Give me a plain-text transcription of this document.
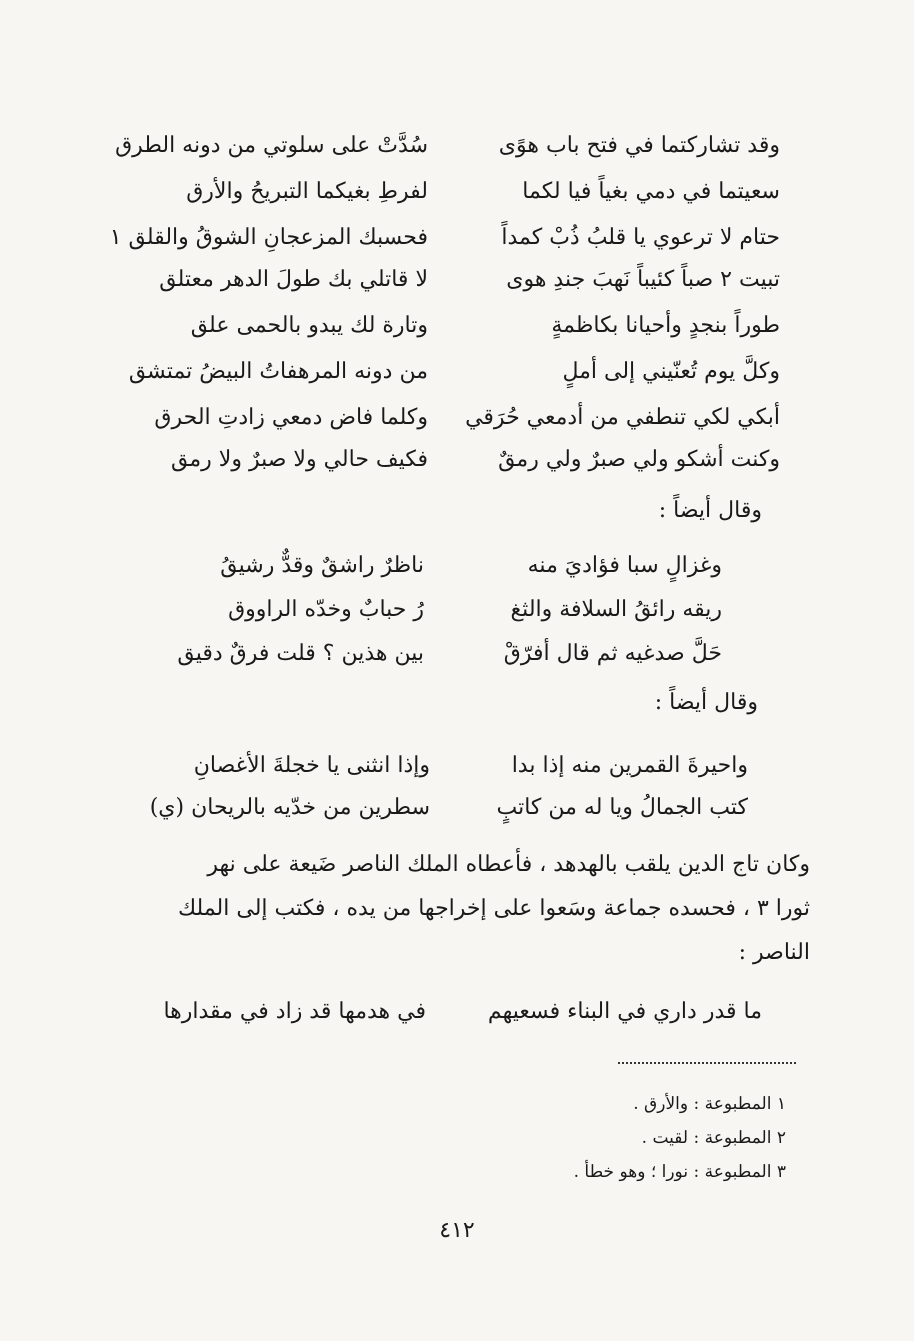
وقد تشاركتما في فتح باب هوًى
سُدَّتْ على سلوتي من دونه الطرق
سعيتما في دمي بغياً فيا لكما
لفرطِ بغيكما التبريحُ والأرق
حتام لا ترعوي يا قلبُ ذُبْ كمداً
فحسبك المزعجانِ الشوقُ والقلق ١
تبيت ٢ صباً كئيباً نَهبَ جندِ هوى
لا قاتلي بك طولَ الدهر معتلق
طوراً بنجدٍ وأحيانا بكاظمةٍ
وتارة لك يبدو بالحمى علق
وكلَّ يوم تُعنّيني إلى أملٍ
من دونه المرهفاتُ البيضُ تمتشق
أبكي لكي تنطفي من أدمعي حُرَقي
وكلما فاض دمعي زادتِ الحرق
وكنت أشكو ولي صبرٌ ولي رمقٌ
فكيف حالي ولا صبرٌ ولا رمق
وقال أيضاً :
وغزالٍ سبا فؤاديَ منه
ناظرٌ راشقٌ وقدٌّ رشيقُ
ريقه رائقُ السلافة والثغ
رُ حبابٌ وخدّه الراووق
حَلَّ صدغيه ثم قال أفرّقْ
بين هذين ؟ قلت فرقٌ دقيق
وقال أيضاً :
واحيرةَ القمرين منه إذا بدا
وإذا انثنى يا خجلةَ الأغصانِ
كتب الجمالُ ويا له من كاتبٍ
سطرين من خدّيه بالريحان (ي)
وكان تاج الدين يلقب بالهدهد ، فأعطاه الملك الناصر ضَيعة على نهر
ثورا ٣ ، فحسده جماعة وسَعوا على إخراجها من يده ، فكتب إلى الملك
الناصر :
ما قدر داري في البناء فسعيهم
في هدمها قد زاد في مقدارها
١ المطبوعة : والأرق .
٢ المطبوعة : لقيت .
٣ المطبوعة : نورا ؛ وهو خطأ .
٤١٢
